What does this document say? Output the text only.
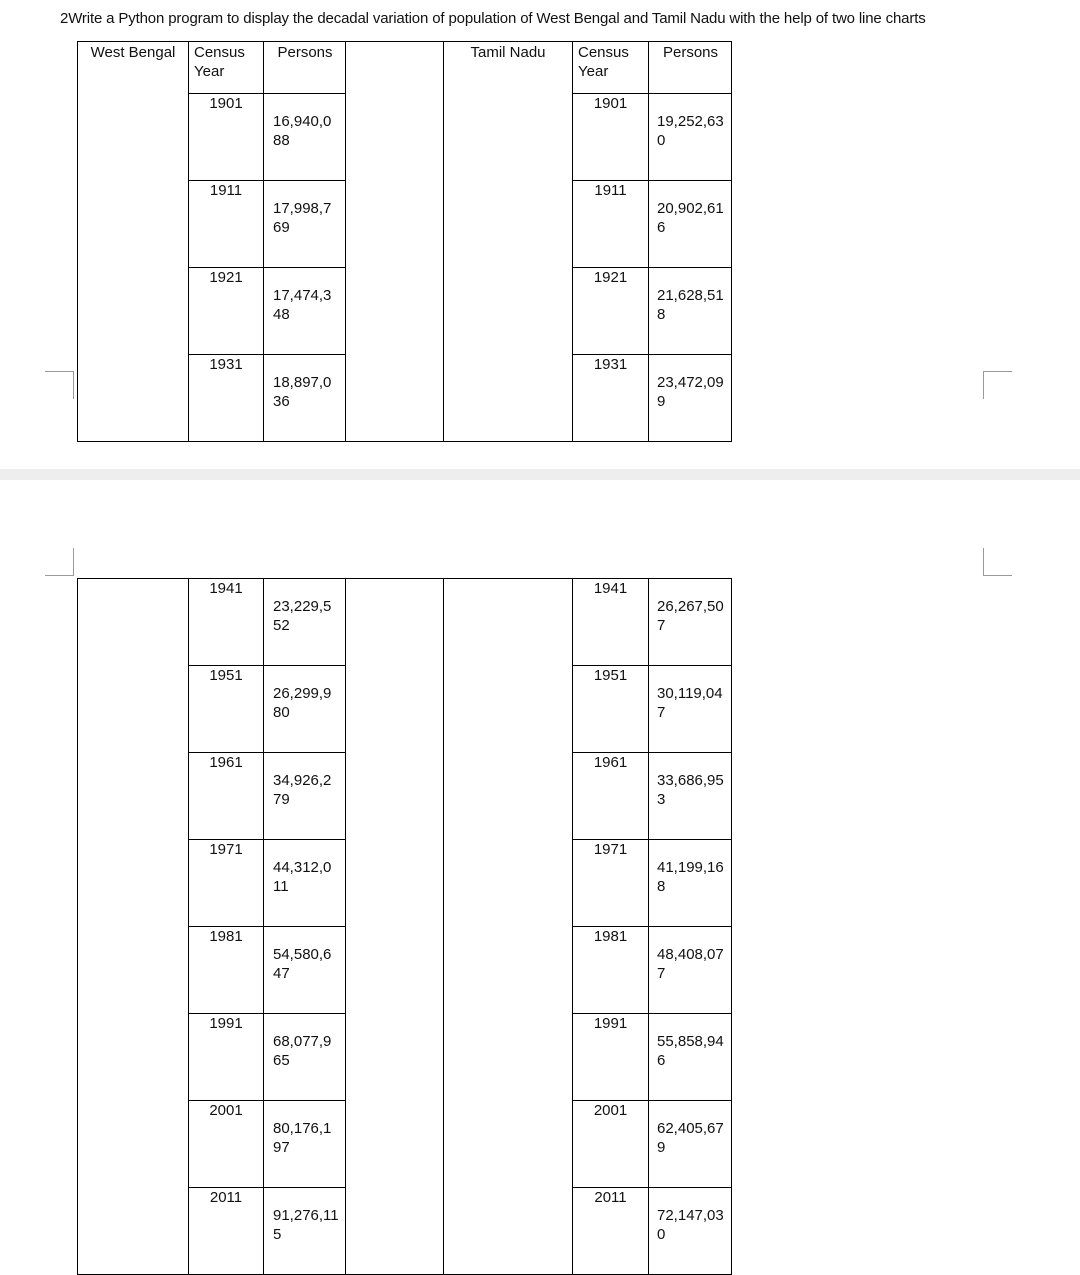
2Write a Python program to display the decadal variation of population of West Bengal and Tamil Nadu with the help of two line charts

West Bengal	Census Year	Persons		Tamil Nadu	Census Year	Persons
	1901	16,940,088			1901	19,252,630
	1911	17,998,769			1911	20,902,616
	1921	17,474,348			1921	21,628,518
	1931	18,897,036			1931	23,472,099
	1941	23,229,552			1941	26,267,507
	1951	26,299,980			1951	30,119,047
	1961	34,926,279			1961	33,686,953
	1971	44,312,011			1971	41,199,168
	1981	54,580,647			1981	48,408,077
	1991	68,077,965			1991	55,858,946
	2001	80,176,197			2001	62,405,679
	2011	91,276,115			2011	72,147,030
